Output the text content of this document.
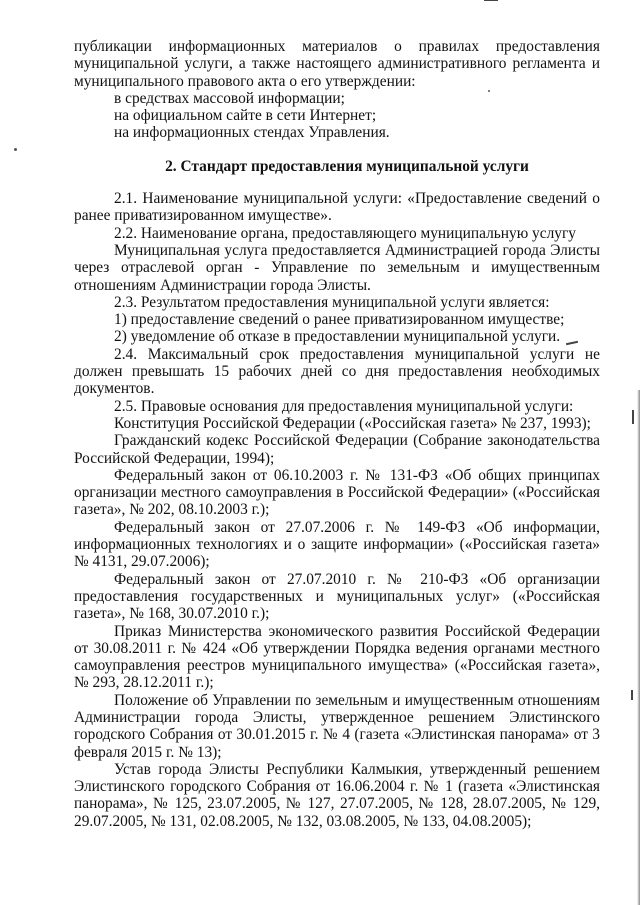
публикации информационных материалов о правилах предоставления муниципальной услуги, а также настоящего административного регламента и муниципального правового акта о его утверждении:

в средствах массовой информации;

на официальном сайте в сети Интернет;

на информационных стендах Управления.

2. Стандарт предоставления муниципальной услуги

2.1. Наименование муниципальной услуги: «Предоставление сведений о ранее приватизированном имуществе».

2.2. Наименование органа, предоставляющего муниципальную услугу

Муниципальная услуга предоставляется Администрацией города Элисты через отраслевой орган - Управление по земельным и имущественным отношениям Администрации города Элисты.

2.3. Результатом предоставления муниципальной услуги является:

1) предоставление сведений о ранее приватизированном имуществе;

2) уведомление об отказе в предоставлении муниципальной услуги.

2.4. Максимальный срок предоставления муниципальной услуги не должен превышать 15 рабочих дней со дня предоставления необходимых документов.

2.5. Правовые основания для предоставления муниципальной услуги:

Конституция Российской Федерации («Российская газета» № 237, 1993);

Гражданский кодекс Российской Федерации (Собрание законодательства Российской Федерации, 1994);

Федеральный закон от 06.10.2003 г. № 131-ФЗ «Об общих принципах организации местного самоуправления в Российской Федерации» («Российская газета», № 202, 08.10.2003 г.);

Федеральный закон от 27.07.2006 г. № 149-ФЗ «Об информации, информационных технологиях и о защите информации» («Российская газета» № 4131, 29.07.2006);

Федеральный закон от 27.07.2010 г. № 210-ФЗ «Об организации предоставления государственных и муниципальных услуг» («Российская газета», № 168, 30.07.2010 г.);

Приказ Министерства экономического развития Российской Федерации от 30.08.2011 г. № 424 «Об утверждении Порядка ведения органами местного самоуправления реестров муниципального имущества» («Российская газета», № 293, 28.12.2011 г.);

Положение об Управлении по земельным и имущественным отношениям Администрации города Элисты, утвержденное решением Элистинского городского Собрания от 30.01.2015 г. № 4 (газета «Элистинская панорама» от 3 февраля 2015 г. № 13);

Устав города Элисты Республики Калмыкия, утвержденный решением Элистинского городского Собрания от 16.06.2004 г. № 1 (газета «Элистинская панорама», № 125, 23.07.2005, № 127, 27.07.2005, № 128, 28.07.2005, № 129, 29.07.2005, № 131, 02.08.2005, № 132, 03.08.2005, № 133, 04.08.2005);
